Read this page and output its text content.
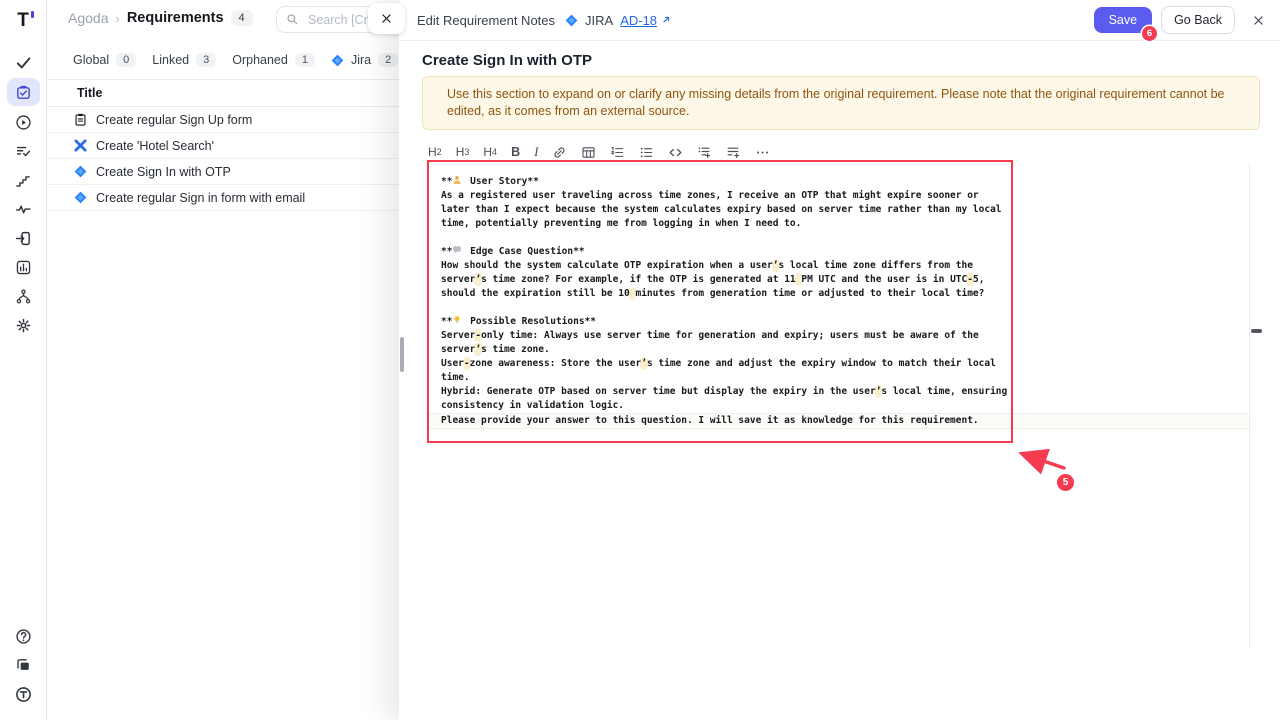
T	Agoda › Requirements	4
Search [Cmd +
Global	0	Linked	3	Orphaned	1	Jira	2
Title
Create regular Sign Up form
Create 'Hotel Search'
Create Sign In with OTP
Create regular Sign in form with email
Edit Requirement Notes JIRA AD-18	Save
6
Go Back
Create Sign In with OTP
Use this section to expand on or clarify any missing details from the original requirement. Please note that the original requirement cannot be edited, as it comes from an external source.
H 2 H 3 H 4 B I
** User Story**
As a registered user traveling across time zones, I receive an OTP that might expire sooner or
later than I expect because the system calculates expiry based on server time rather than my local
time, potentially preventing me from logging in when I need to.
** Edge Case Question**
How should the system calculate OTP expiration when a user’s local time zone differs from the
server’s time zone? For example, if the OTP is generated at 11 PM UTC and the user is in UTC-5,
should the expiration still be 10 minutes from generation time or adjusted to their local time?
** Possible Resolutions**
Server-only time: Always use server time for generation and expiry; users must be aware of the
server’s time zone.
User-zone awareness: Store the user’s time zone and adjust the expiry window to match their local
time.
Hybrid: Generate OTP based on server time but display the expiry in the user’s local time, ensuring
consistency in validation logic.
Please provide your answer to this question. I will save it as knowledge for this requirement.
5
